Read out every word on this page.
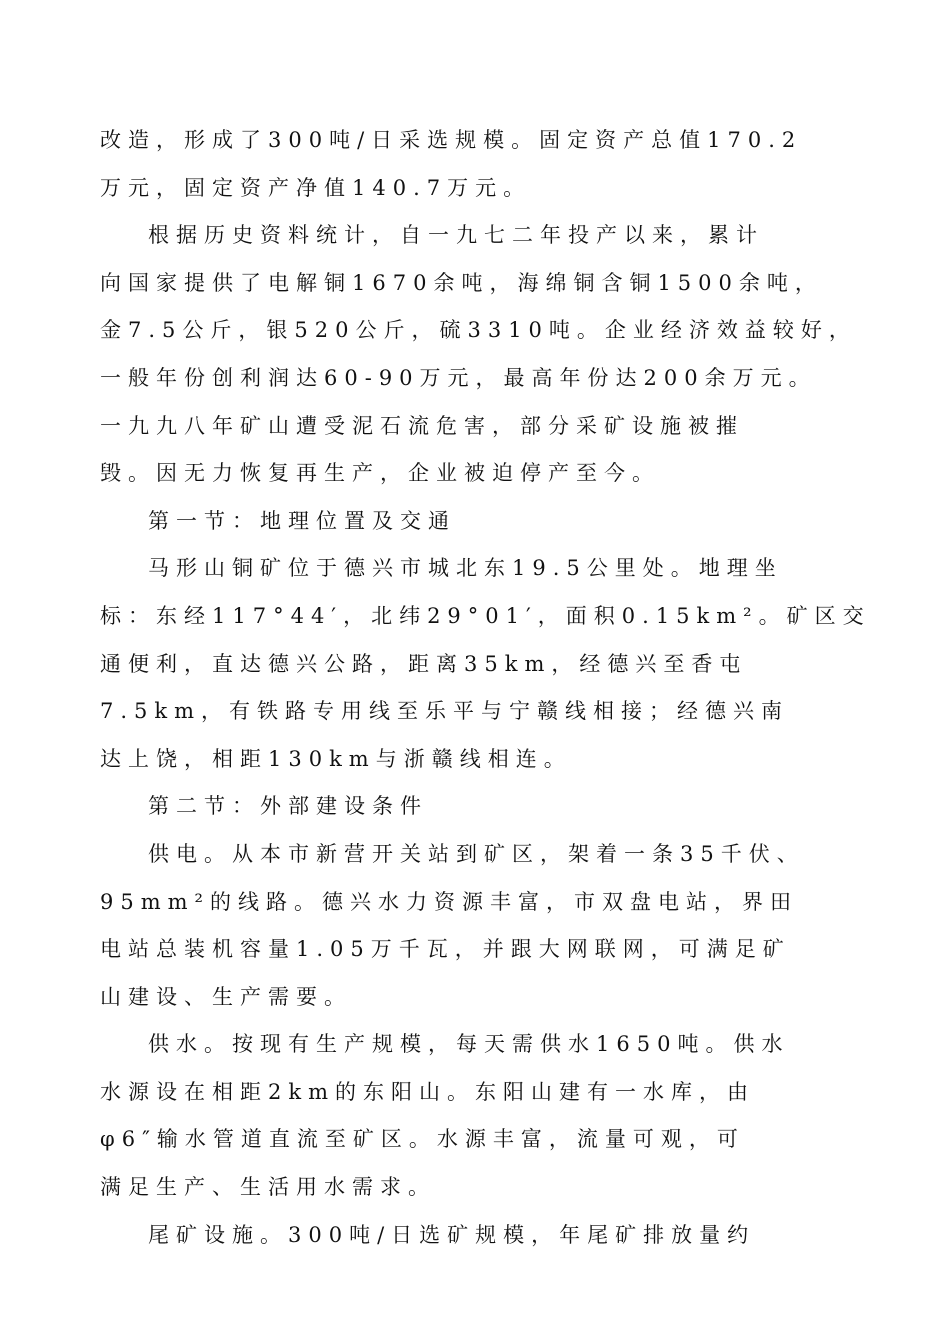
改造，形成了300吨/日采选规模。固定资产总值170.2
万元，固定资产净值140.7万元。
根据历史资料统计，自一九七二年投产以来，累计
向国家提供了电解铜1670余吨，海绵铜含铜1500余吨，
金7.5公斤，银520公斤，硫3310吨。企业经济效益较好，
一般年份创利润达60-90万元，最高年份达200余万元。
一九九八年矿山遭受泥石流危害，部分采矿设施被摧
毁。因无力恢复再生产，企业被迫停产至今。
第一节：地理位置及交通
马形山铜矿位于德兴市城北东19.5公里处。地理坐
标：东经117°44′，北纬29°01′，面积0.15km²。矿区交
通便利，直达德兴公路，距离35km，经德兴至香屯
7.5km，有铁路专用线至乐平与宁赣线相接；经德兴南
达上饶，相距130km与浙赣线相连。
第二节：外部建设条件
供电。从本市新营开关站到矿区，架着一条35千伏、
95mm²的线路。德兴水力资源丰富，市双盘电站，界田
电站总装机容量1.05万千瓦，并跟大网联网，可满足矿
山建设、生产需要。
供水。按现有生产规模，每天需供水1650吨。供水
水源设在相距2km的东阳山。东阳山建有一水库，由
φ6″输水管道直流至矿区。水源丰富，流量可观，可
满足生产、生活用水需求。
尾矿设施。300吨/日选矿规模，年尾矿排放量约
